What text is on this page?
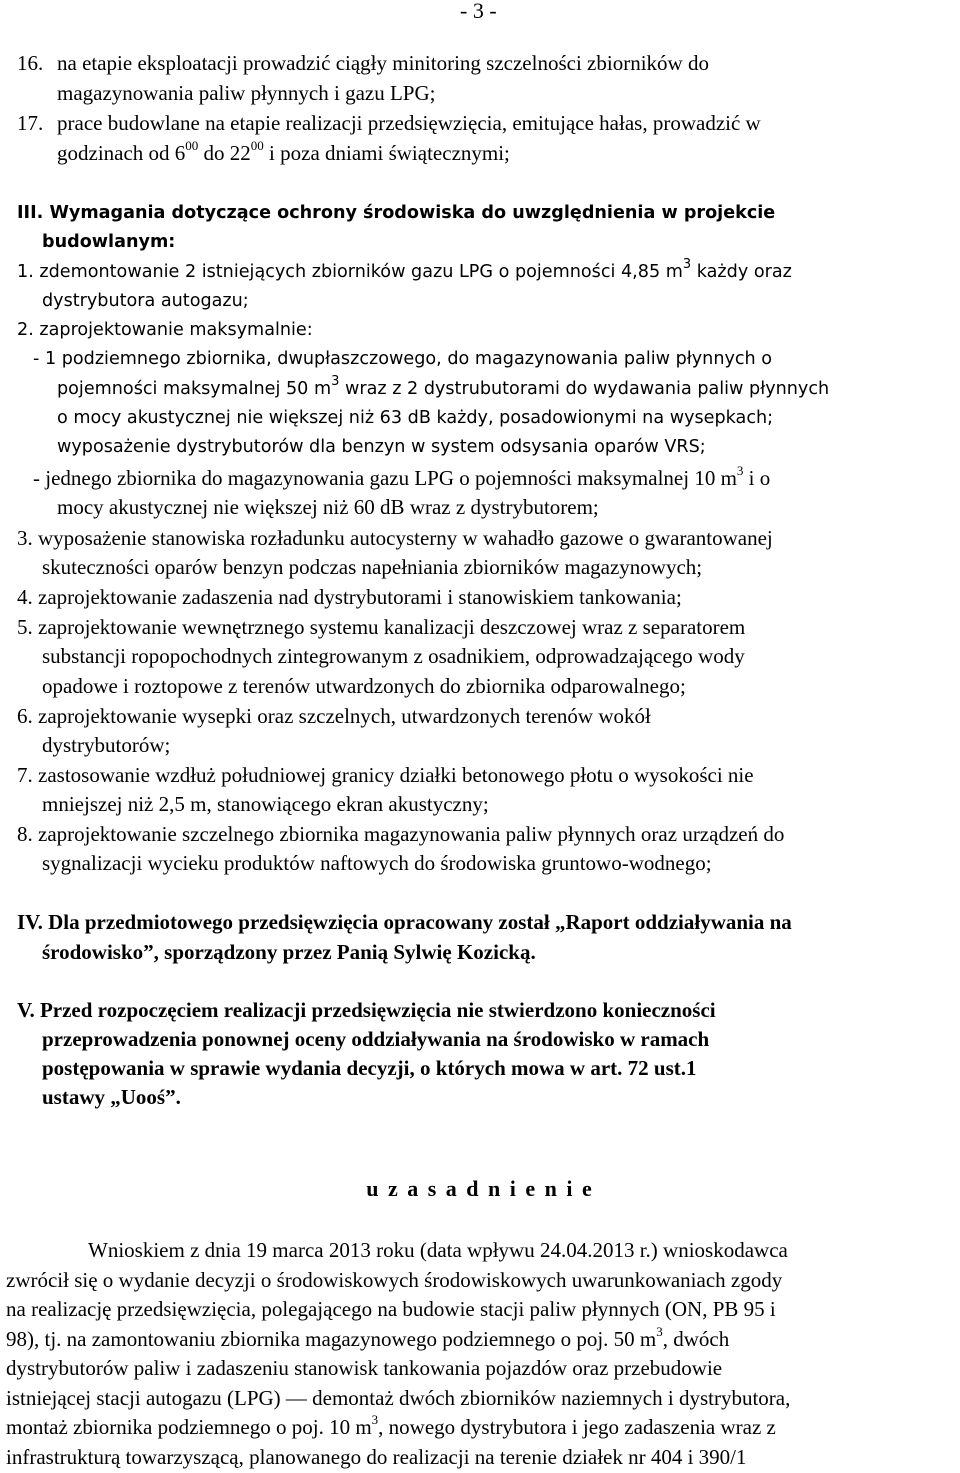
- 3 -
16. na etapie eksploatacji prowadzić ciągły minitoring szczelności zbiorników do
magazynowania paliw płynnych i gazu LPG;
17. prace budowlane na etapie realizacji przedsięwzięcia, emitujące hałas, prowadzić w
godzinach od $6^{00}$ do $22^{00}$ i poza dniami świątecznymi;
III. Wymagania dotyczące ochrony środowiska do uwzględnienia w projekcie
budowlanym:
1. zdemontowanie 2 istniejących zbiorników gazu LPG o pojemności 4,85 $m^3$ każdy oraz
dystrybutora autogazu;
2. zaprojektowanie maksymalnie:
- 1 podziemnego zbiornika, dwupłaszczowego, do magazynowania paliw płynnych o
pojemności maksymalnej 50 $m^3$ wraz z 2 dystrubutorami do wydawania paliw płynnych
o mocy akustycznej nie większej niż 63 dB każdy, posadowionymi na wysepkach;
wyposażenie dystrybutorów dla benzyn w system odsysania oparów VRS;
- jednego zbiornika do magazynowania gazu LPG o pojemności maksymalnej 10 $m^3$ i o
mocy akustycznej nie większej niż 60 dB wraz z dystrybutorem;
3. wyposażenie stanowiska rozładunku autocysterny w wahadło gazowe o gwarantowanej
skuteczności oparów benzyn podczas napełniania zbiorników magazynowych;
4. zaprojektowanie zadaszenia nad dystrybutorami i stanowiskiem tankowania;
5. zaprojektowanie wewnętrznego systemu kanalizacji deszczowej wraz z separatorem
substancji ropopochodnych zintegrowanym z osadnikiem, odprowadzającego wody
opadowe i roztopowe z terenów utwardzonych do zbiornika odparowalnego;
6. zaprojektowanie wysepki oraz szczelnych, utwardzonych terenów wokół
dystrybutorów;
7. zastosowanie wzdłuż południowej granicy działki betonowego płotu o wysokości nie
mniejszej niż 2,5 m, stanowiącego ekran akustyczny;
8. zaprojektowanie szczelnego zbiornika magazynowania paliw płynnych oraz urządzeń do
sygnalizacji wycieku produktów naftowych do środowiska gruntowo-wodnego;
IV. Dla przedmiotowego przedsięwzięcia opracowany został „Raport oddziaływania na
środowisko”, sporządzony przez Panią Sylwię Kozicką.
V. Przed rozpoczęciem realizacji przedsięwzięcia nie stwierdzono konieczności
przeprowadzenia ponownej oceny oddziaływania na środowisko w ramach
postępowania w sprawie wydania decyzji, o których mowa w art. 72 ust.1
ustawy „Uooś”.
u z a s a d n i e n i e
Wnioskiem z dnia 19 marca 2013 roku (data wpływu 24.04.2013 r.) wnioskodawca
zwrócił się o wydanie decyzji o środowiskowych środowiskowych uwarunkowaniach zgody
na realizację przedsięwzięcia, polegającego na budowie stacji paliw płynnych (ON, PB 95 i
98), tj. na zamontowaniu zbiornika magazynowego podziemnego o poj. 50 $m^3$, dwóch
dystrybutorów paliw i zadaszeniu stanowisk tankowania pojazdów oraz przebudowie
istniejącej stacji autogazu (LPG) — demontaż dwóch zbiorników naziemnych i dystrybutora,
montaż zbiornika podziemnego o poj. 10 $m^3$, nowego dystrybutora i jego zadaszenia wraz z
infrastrukturą towarzyszącą, planowanego do realizacji na terenie działek nr 404 i 390/1
